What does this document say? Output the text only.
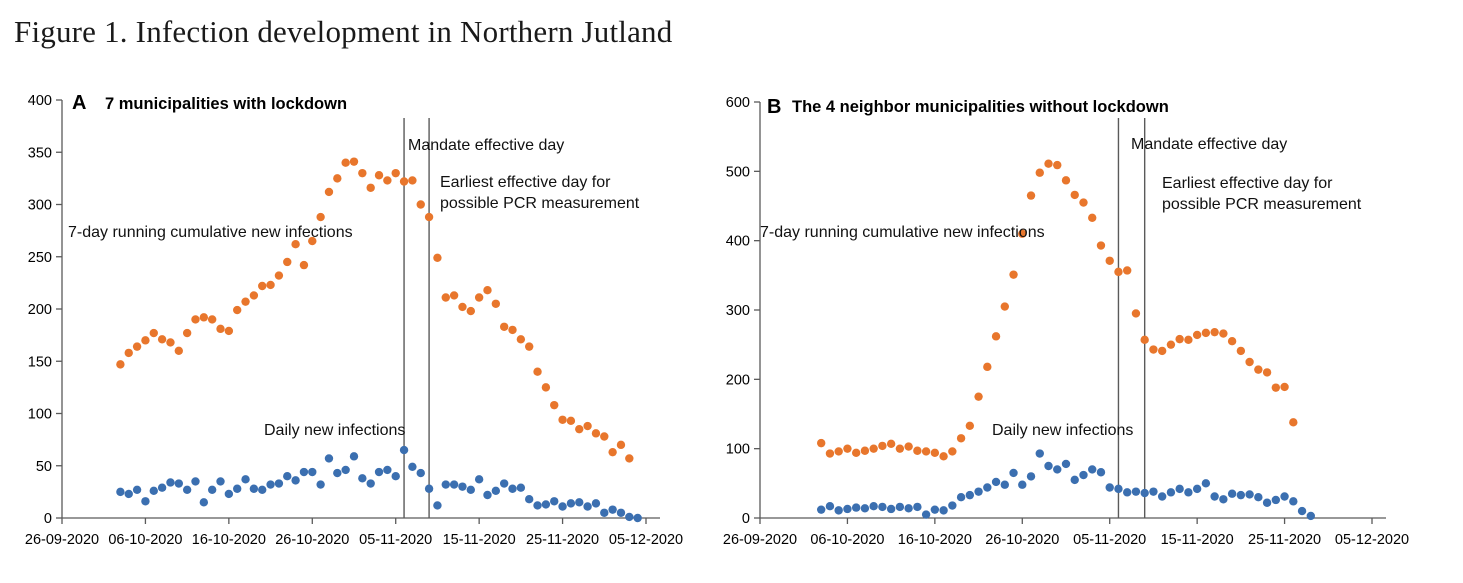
Figure 1. Infection development in Northern Jutland
0
50
100
150
200
250
300
350
400
26-09-2020 06-10-2020 16-10-2020 26-10-2020 05-11-2020 15-11-2020 25-11-2020 05-12-2020
A 7 municipalities with lockdown
Mandate effective day
Earliest effective day for
possible PCR measurement
7-day running cumulative new infections
Daily new infections
0
100
200
300
400
500
600
26-09-2020 06-10-2020 16-10-2020 26-10-2020 05-11-2020 15-11-2020 25-11-2020 05-12-2020
B The 4 neighbor municipalities without lockdown
Mandate effective day
Earliest effective day for
possible PCR measurement
7-day running cumulative new infections
Daily new infections
